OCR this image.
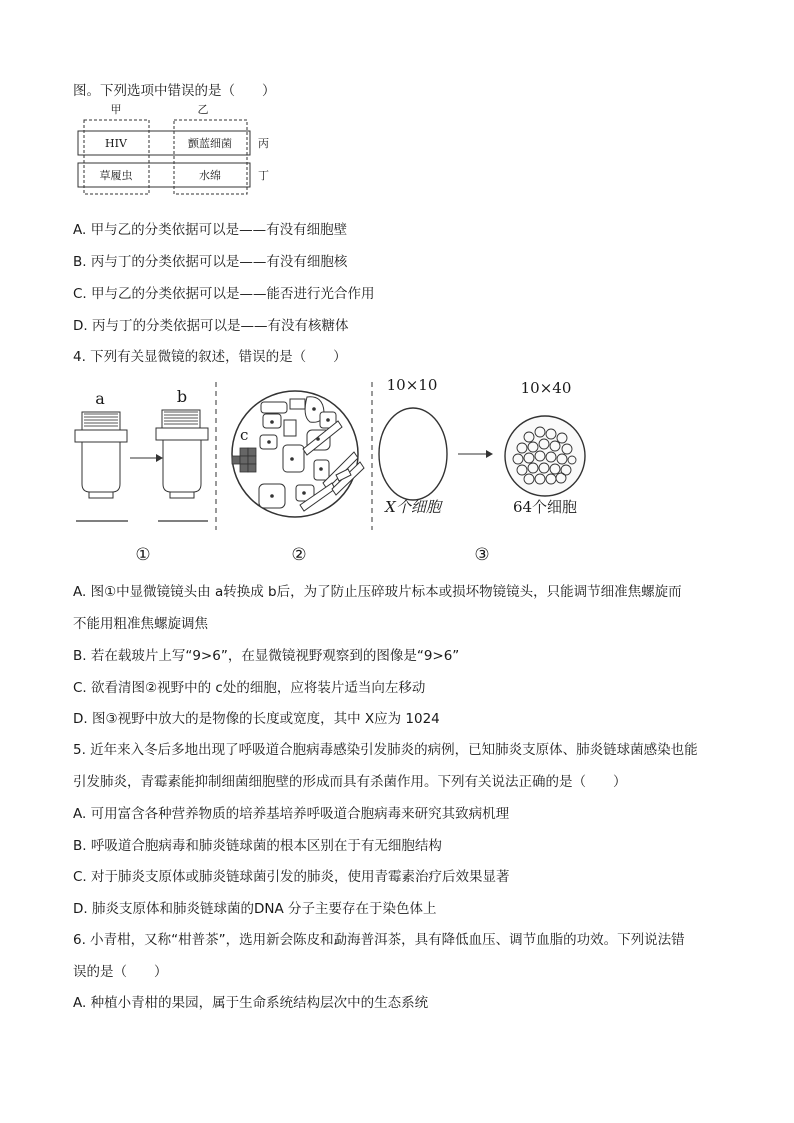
图。下列选项中错误的是（　　）
甲	乙
HIV	颤蓝细菌
草履虫	水绵
丙
丁
A. 甲与乙的分类依据可以是——有没有细胞壁
B. 丙与丁的分类依据可以是——有没有细胞核
C. 甲与乙的分类依据可以是——能否进行光合作用
D. 丙与丁的分类依据可以是——有没有核糖体
4. 下列有关显微镜的叙述，错误的是（　　）
a	b
c
10×10	10×40
X个细胞	64个细胞
①	②	③
A. 图①中显微镜镜头由 a转换成 b后，为了防止压碎玻片标本或损坏物镜镜头，只能调节细准焦螺旋而
不能用粗准焦螺旋调焦
B. 若在载玻片上写“9>6”，在显微镜视野观察到的图像是“9>6”
C. 欲看清图②视野中的 c处的细胞，应将装片适当向左移动
D. 图③视野中放大的是物像的长度或宽度，其中 X应为 1024
5. 近年来入冬后多地出现了呼吸道合胞病毒感染引发肺炎的病例，已知肺炎支原体、肺炎链球菌感染也能
引发肺炎，青霉素能抑制细菌细胞壁的形成而具有杀菌作用。下列有关说法正确的是（　　）
A. 可用富含各种营养物质的培养基培养呼吸道合胞病毒来研究其致病机理
B. 呼吸道合胞病毒和肺炎链球菌的根本区别在于有无细胞结构
C. 对于肺炎支原体或肺炎链球菌引发的肺炎，使用青霉素治疗后效果显著
D. 肺炎支原体和肺炎链球菌的DNA 分子主要存在于染色体上
6. 小青柑，又称“柑普茶”，选用新会陈皮和勐海普洱茶，具有降低血压、调节血脂的功效。下列说法错
误的是（　　）
A. 种植小青柑的果园，属于生命系统结构层次中的生态系统
